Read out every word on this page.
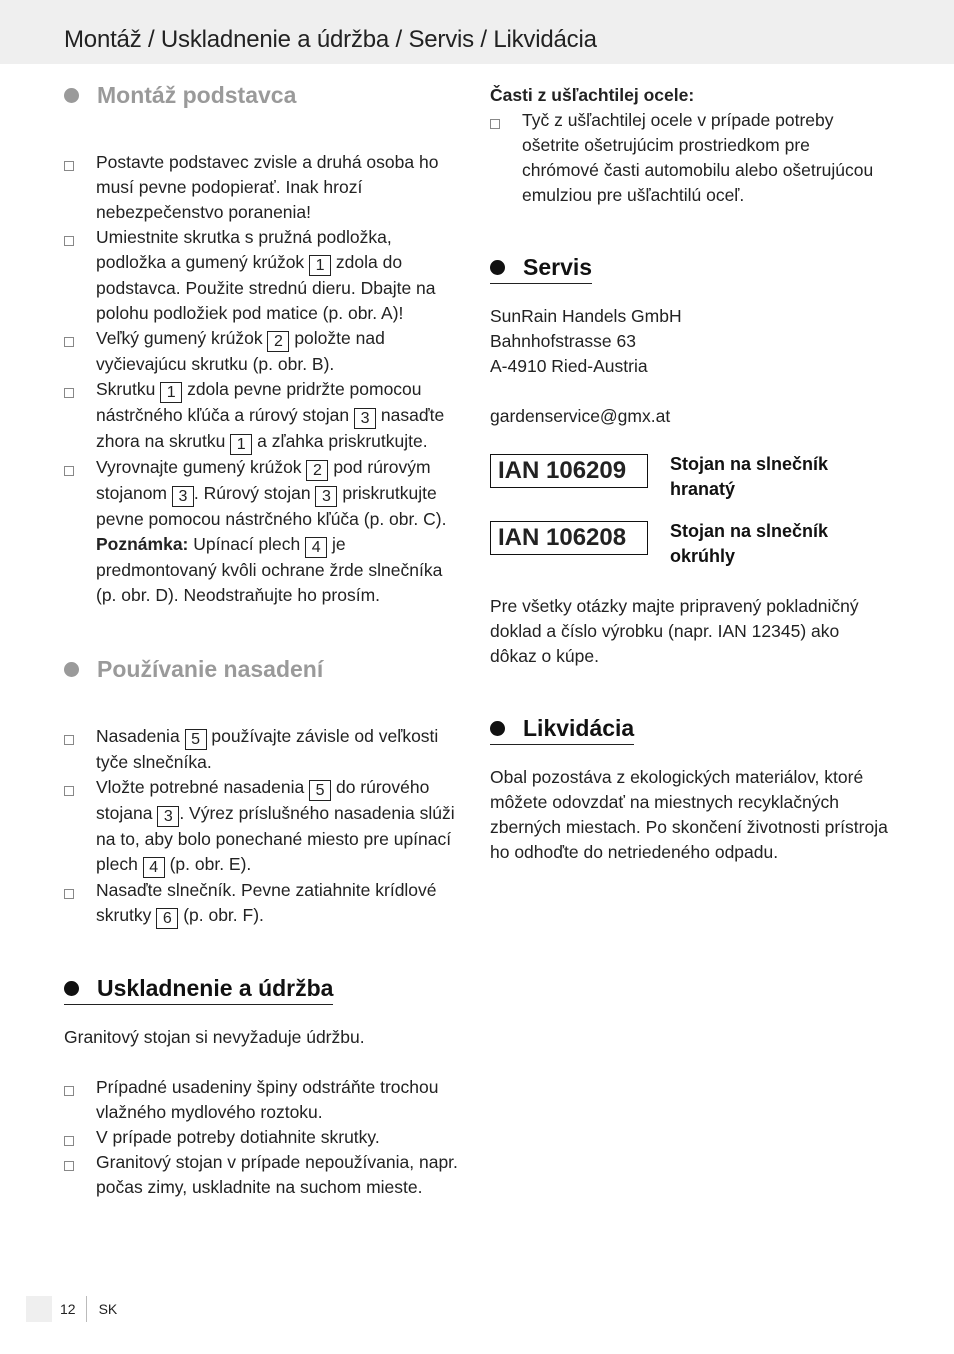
Montáž / Uskladnenie a údržba / Servis / Likvidácia
Montáž podstavca
Postavte podstavec zvisle a druhá osoba ho musí pevne podopierať. Inak hrozí nebezpečenstvo poranenia!
Umiestnite skrutka s pružná podložka, podložka a gumený krúžok 1 zdola do podstavca. Použite strednú dieru. Dbajte na polohu podložiek pod matice (p. obr. A)!
Veľký gumený krúžok 2 položte nad vyčievajúcu skrutku (p. obr. B).
Skrutku 1 zdola pevne pridržte pomocou nástrčného kľúča a rúrový stojan 3 nasaďte zhora na skrutku 1 a zľahka priskrutkujte.
Vyrovnajte gumený krúžok 2 pod rúrovým stojanom 3 . Rúrový stojan 3 priskrutkujte pevne pomocou nástrčného kľúča (p. obr. C).
Poznámka: Upínací plech 4 je predmontovaný kvôli ochrane žrde slnečníka (p. obr. D). Neodstraňujte ho prosím.
Používanie nasadení
Nasadenia 5 používajte závisle od veľkosti tyče slnečníka.
Vložte potrebné nasadenia 5 do rúrového stojana 3 . Výrez príslušného nasadenia slúži na to, aby bolo ponechané miesto pre upínací plech 4 (p. obr. E).
Nasaďte slnečník. Pevne zatiahnite krídlové skrutky 6 (p. obr. F).
Uskladnenie a údržba

Granitový stojan si nevyžaduje údržbu.

Prípadné usadeniny špiny odstráňte trochou vlažného mydlového roztoku.
V prípade potreby dotiahnite skrutky.
Granitový stojan v prípade nepoužívania, napr. počas zimy, uskladnite na suchom mieste.

Časti z ušľachtilej ocele:

Tyč z ušľachtilej ocele v prípade potreby ošetrite ošetrujúcim prostriedkom pre chrómové časti automobilu alebo ošetrujúcou emulziou pre ušľachtilú oceľ.
Servis

SunRain Handels GmbH

Bahnhofstrasse 63

A-4910 Ried-Austria

gardenservice@gmx.at

IAN 106209	Stojan na slnečník
hranatý
IAN 106208	Stojan na slnečník
okrúhly

Pre všetky otázky majte pripravený pokladničný doklad a číslo výrobku (napr. IAN 12345) ako dôkaz o kúpe.

Likvidácia

Obal pozostáva z ekologických materiálov, ktoré môžete odovzdať na miestnych recyklačných zberných miestach. Po skončení životnosti prístroja ho odhoďte do netriedeného odpadu.

12	SK
